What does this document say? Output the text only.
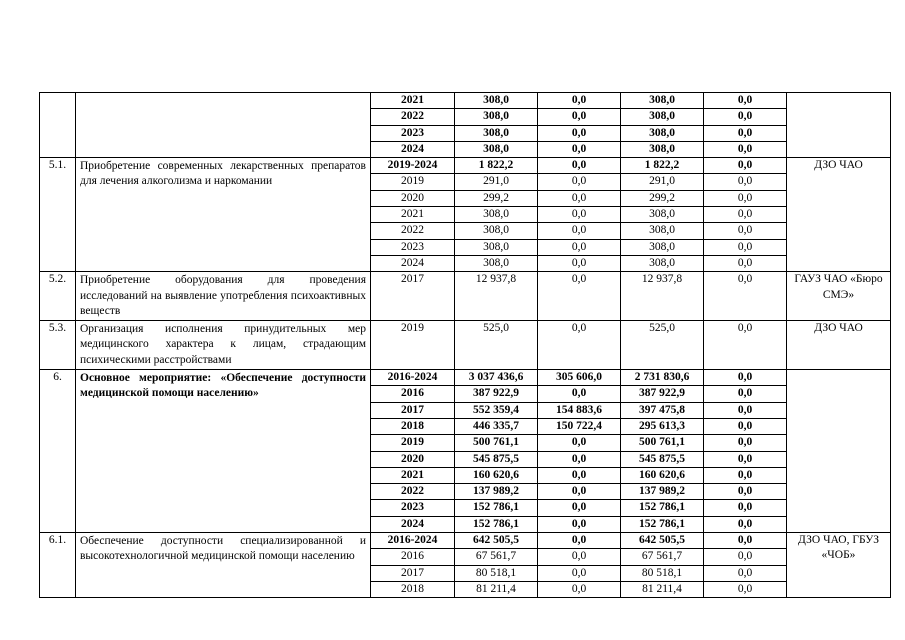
		2021	308,0	0,0	308,0	0,0	
		2022	308,0	0,0	308,0	0,0	
		2023	308,0	0,0	308,0	0,0	
		2024	308,0	0,0	308,0	0,0	
5.1.	Приобретение современных лекарственных препаратов для лечения алкоголизма и наркомании	2019-2024	1 822,2	0,0	1 822,2	0,0	ДЗО ЧАО
		2019	291,0	0,0	291,0	0,0	
		2020	299,2	0,0	299,2	0,0	
		2021	308,0	0,0	308,0	0,0	
		2022	308,0	0,0	308,0	0,0	
		2023	308,0	0,0	308,0	0,0	
		2024	308,0	0,0	308,0	0,0	
5.2.	Приобретение оборудования для проведения исследований на выявление употребления психоактивных веществ	2017	12 937,8	0,0	12 937,8	0,0	ГАУЗ ЧАО «Бюро СМЭ»
5.3.	Организация исполнения принудительных мер медицинского характера к лицам, страдающим психическими расстройствами	2019	525,0	0,0	525,0	0,0	ДЗО ЧАО
6.	Основное мероприятие: «Обеспечение доступности медицинской помощи населению»	2016-2024	3 037 436,6	305 606,0	2 731 830,6	0,0	
		2016	387 922,9	0,0	387 922,9	0,0	
		2017	552 359,4	154 883,6	397 475,8	0,0	
		2018	446 335,7	150 722,4	295 613,3	0,0	
		2019	500 761,1	0,0	500 761,1	0,0	
		2020	545 875,5	0,0	545 875,5	0,0	
		2021	160 620,6	0,0	160 620,6	0,0	
		2022	137 989,2	0,0	137 989,2	0,0	
		2023	152 786,1	0,0	152 786,1	0,0	
		2024	152 786,1	0,0	152 786,1	0,0	
6.1.	Обеспечение доступности специализированной и высокотехнологичной медицинской помощи населению	2016-2024	642 505,5	0,0	642 505,5	0,0	ДЗО ЧАО, ГБУЗ «ЧОБ»
		2016	67 561,7	0,0	67 561,7	0,0	
		2017	80 518,1	0,0	80 518,1	0,0	
		2018	81 211,4	0,0	81 211,4	0,0	
